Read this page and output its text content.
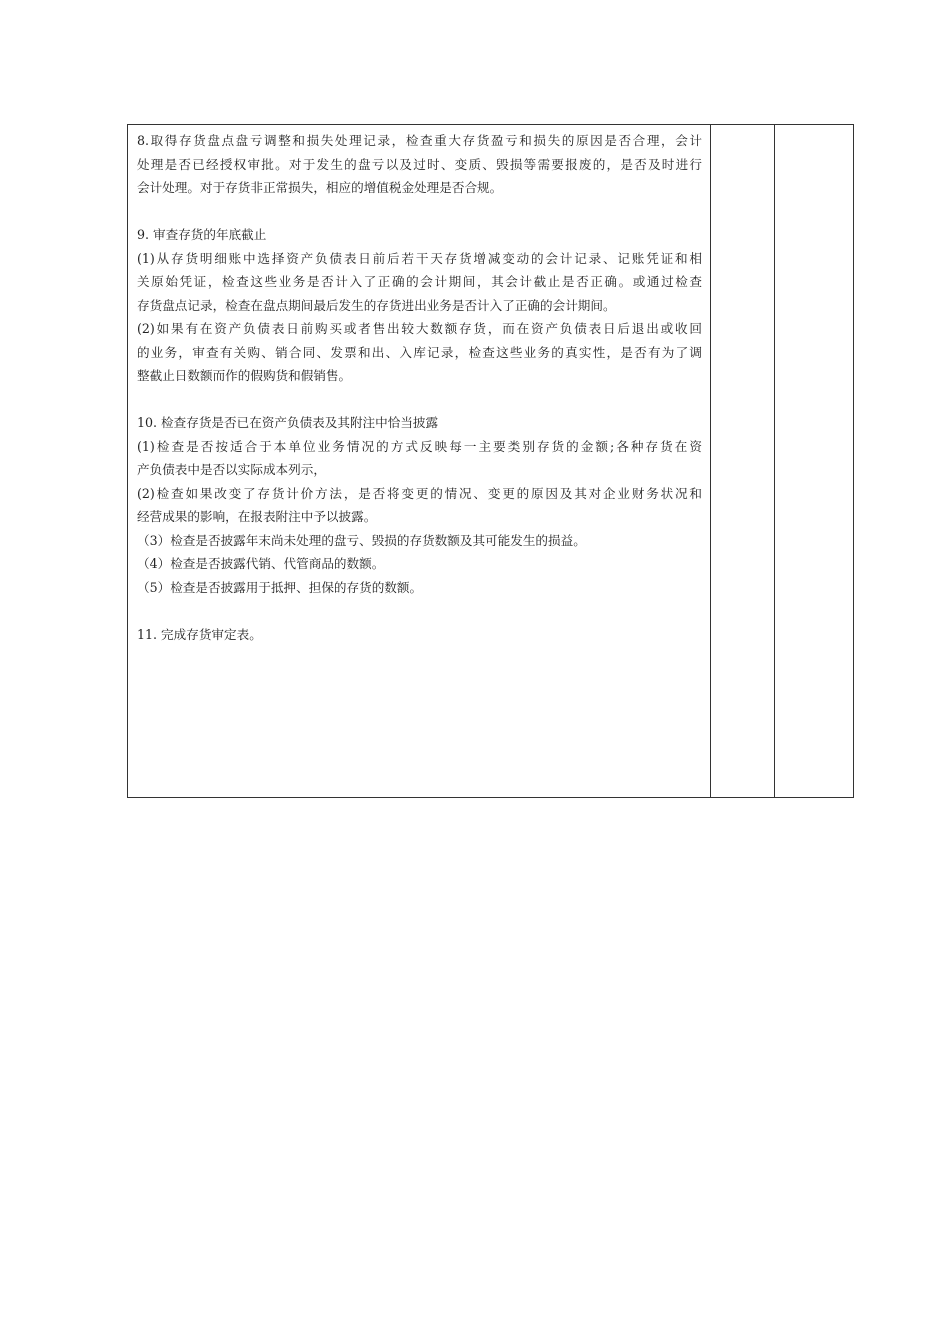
8.取得存货盘点盘亏调整和损失处理记录，检查重大存货盈亏和损失的原因是否合理，会计
处理是否已经授权审批。对于发生的盘亏以及过时、变质、毁损等需要报废的，是否及时进行
会计处理。对于存货非正常损失，相应的增值税金处理是否合规。
9. 审查存货的年底截止
(1)从存货明细账中选择资产负债表日前后若干天存货增减变动的会计记录、记账凭证和相
关原始凭证，检查这些业务是否计入了正确的会计期间，其会计截止是否正确。或通过检查
存货盘点记录，检查在盘点期间最后发生的存货进出业务是否计入了正确的会计期间。
(2)如果有在资产负债表日前购买或者售出较大数额存货，而在资产负债表日后退出或收回
的业务，审查有关购、销合同、发票和出、入库记录，检查这些业务的真实性，是否有为了调
整截止日数额而作的假购货和假销售。
10. 检查存货是否已在资产负债表及其附注中恰当披露
(1)检查是否按适合于本单位业务情况的方式反映每一主要类别存货的金额;各种存货在资
产负债表中是否以实际成本列示，
(2)检查如果改变了存货计价方法，是否将变更的情况、变更的原因及其对企业财务状况和
经营成果的影响，在报表附注中予以披露。
（3）检查是否披露年末尚未处理的盘亏、毁损的存货数额及其可能发生的损益。
（4）检查是否披露代销、代管商品的数额。
（5）检查是否披露用于抵押、担保的存货的数额。
11. 完成存货审定表。
